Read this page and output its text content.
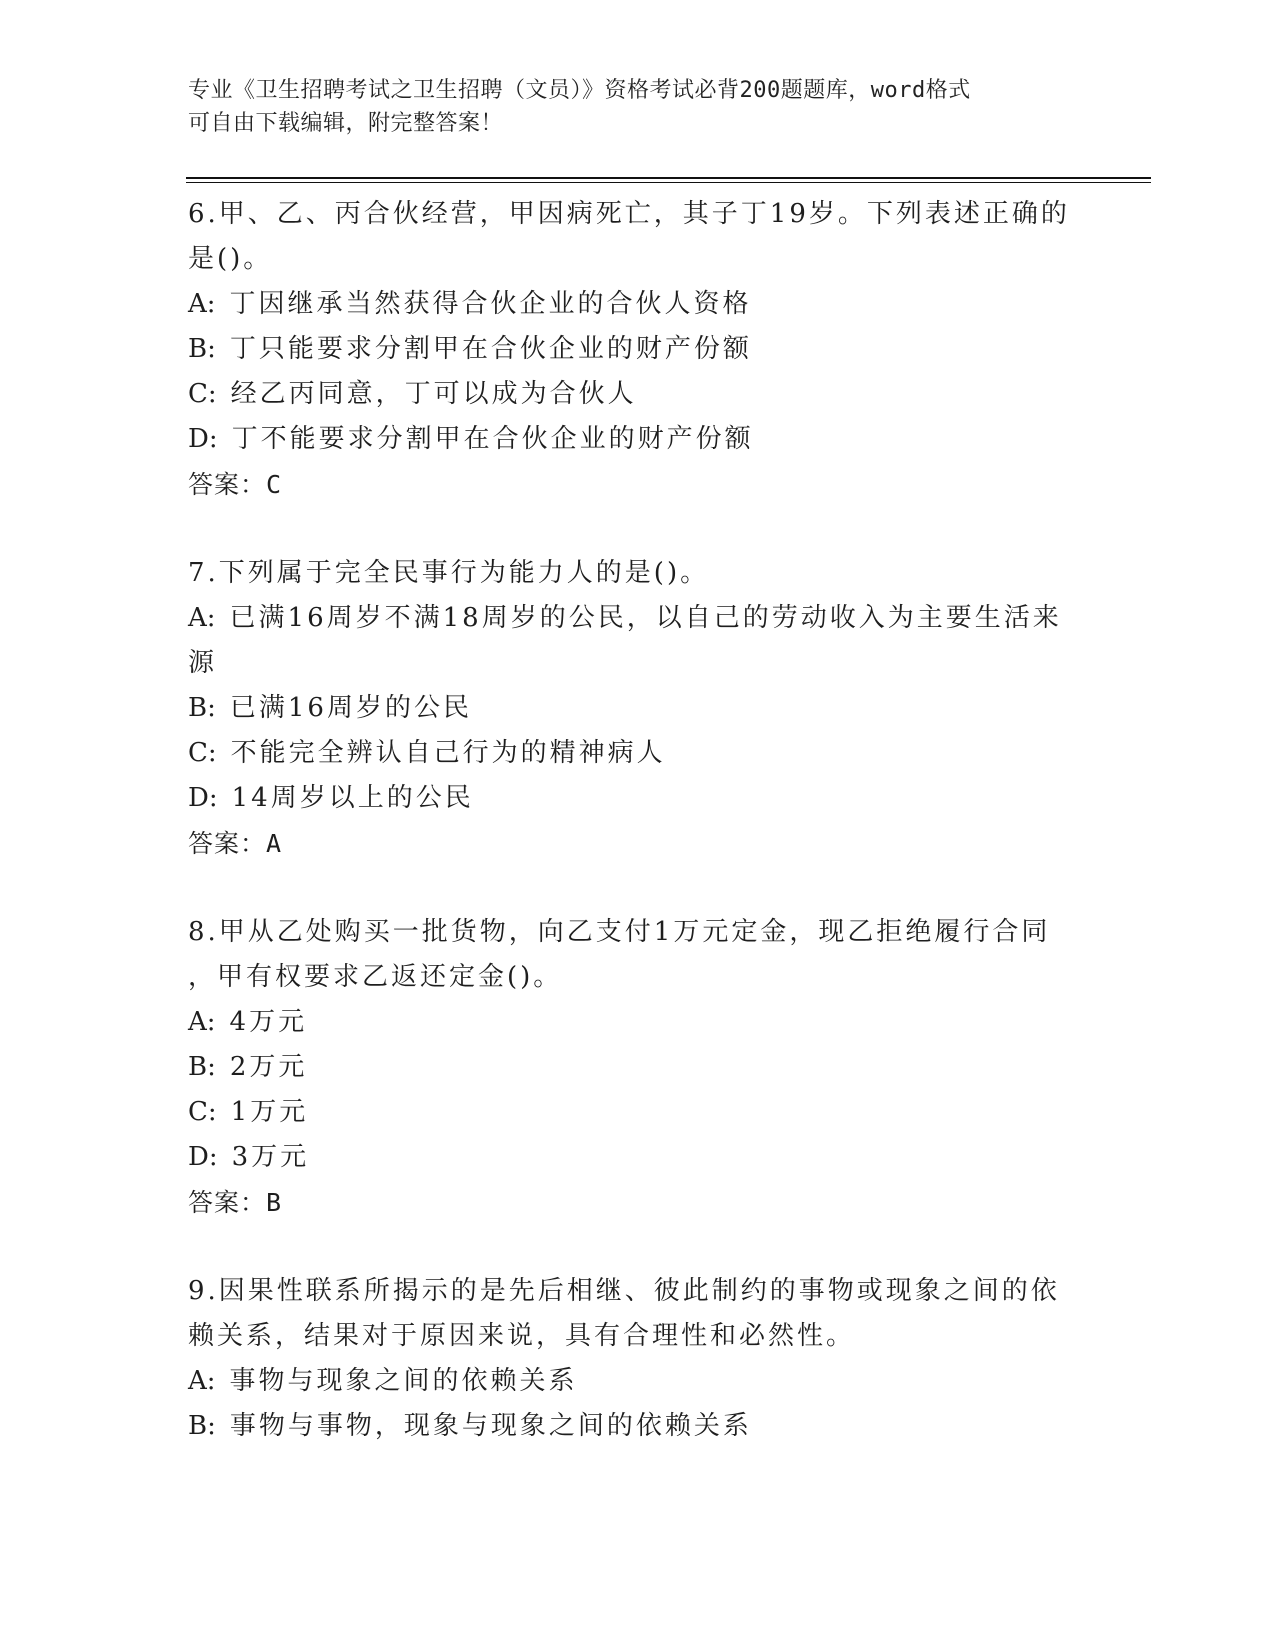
专业《卫生招聘考试之卫生招聘（文员）》资格考试必背200题题库，word格式
可自由下载编辑，附完整答案！
6.甲、乙、丙合伙经营，甲因病死亡，其子丁19岁。下列表述正确的
是()。
A: 丁因继承当然获得合伙企业的合伙人资格
B: 丁只能要求分割甲在合伙企业的财产份额
C: 经乙丙同意，丁可以成为合伙人
D: 丁不能要求分割甲在合伙企业的财产份额
答案：C
7.下列属于完全民事行为能力人的是()。
A: 已满16周岁不满18周岁的公民，以自己的劳动收入为主要生活来
源
B: 已满16周岁的公民
C: 不能完全辨认自己行为的精神病人
D: 14周岁以上的公民
答案：A
8.甲从乙处购买一批货物，向乙支付1万元定金，现乙拒绝履行合同
，甲有权要求乙返还定金()。
A: 4万元
B: 2万元
C: 1万元
D: 3万元
答案：B
9.因果性联系所揭示的是先后相继、彼此制约的事物或现象之间的依
赖关系，结果对于原因来说，具有合理性和必然性。
A: 事物与现象之间的依赖关系
B: 事物与事物，现象与现象之间的依赖关系
